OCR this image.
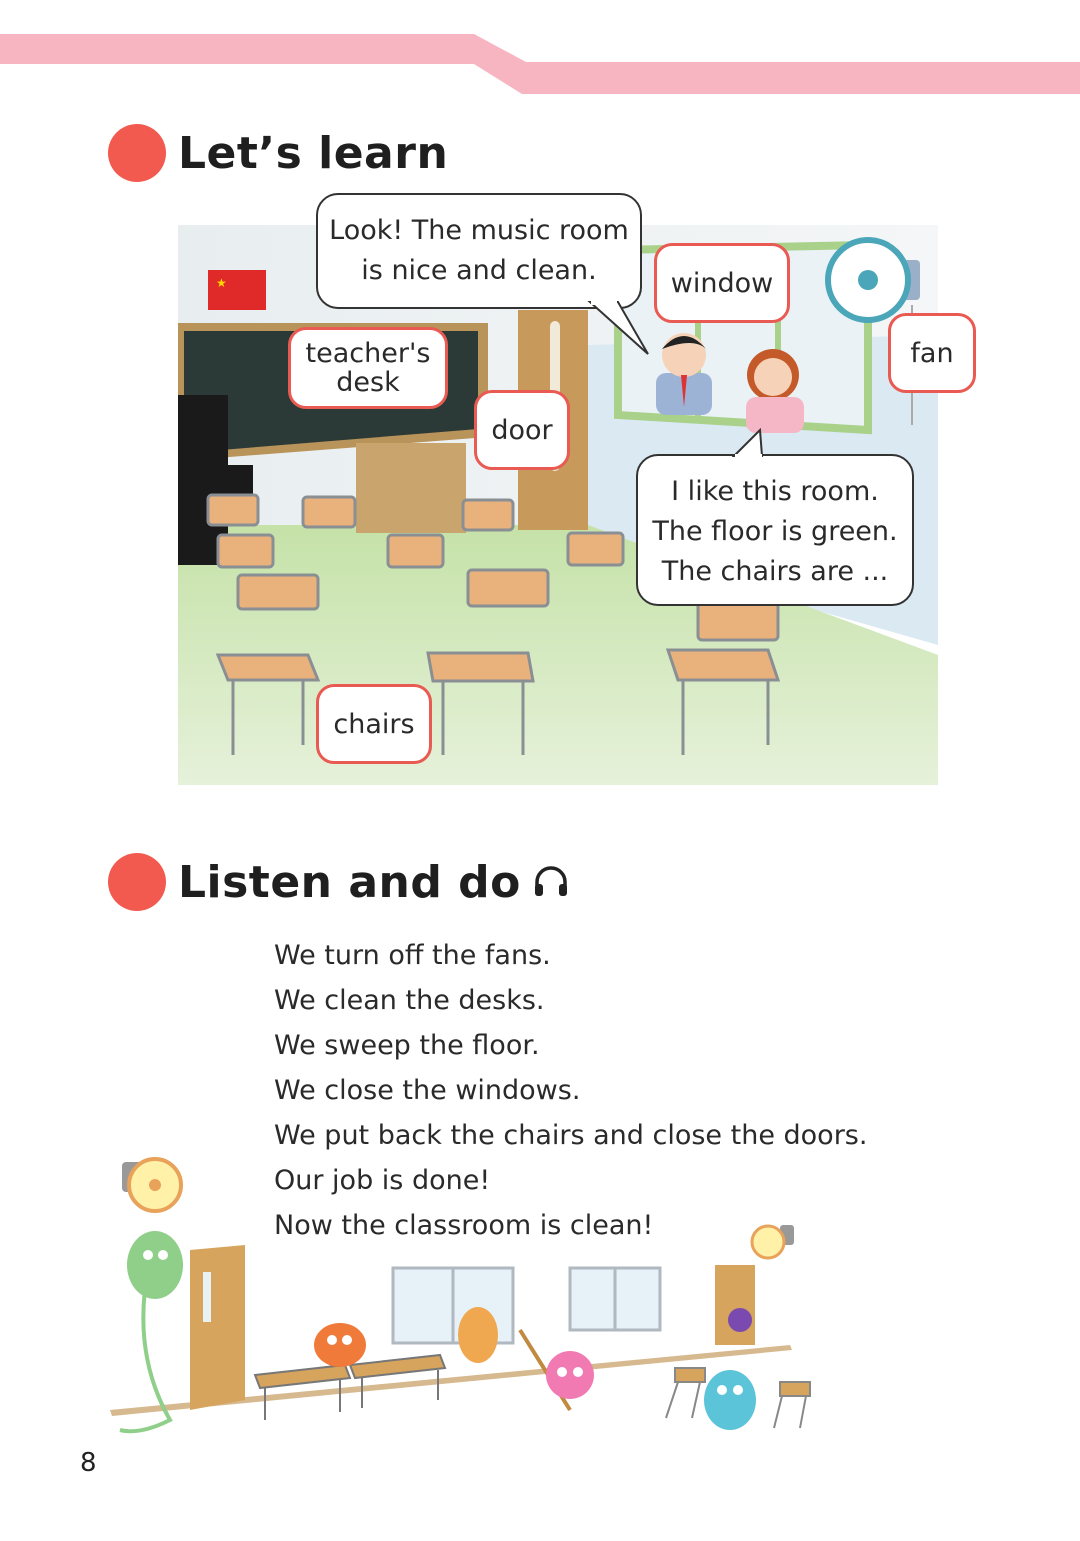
Let’s learn
★
Look! The music room
is nice and clean.
I like this room.
The floor is green.
The chairs are ...
window
fan
teacher's
desk
door
chairs
Listen and do
We turn off the fans.
We clean the desks.
We sweep the floor.
We close the windows.
We put back the chairs and close the doors.
Our job is done!
Now the classroom is clean!
8
